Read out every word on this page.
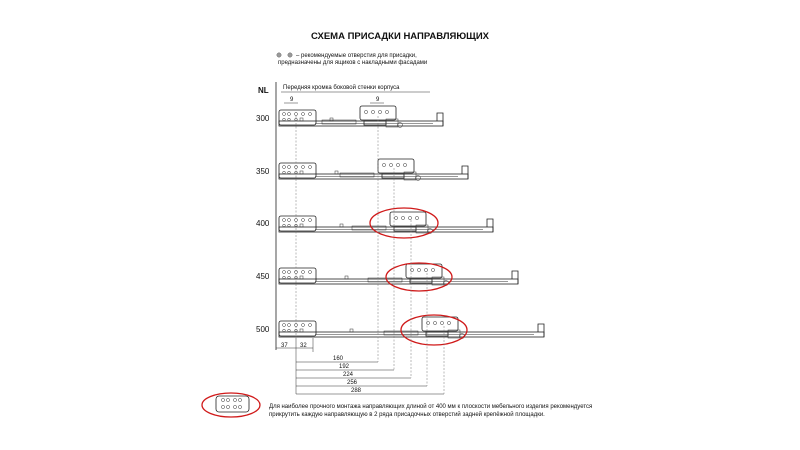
СХЕМА ПРИСАДКИ НАПРАВЛЯЮЩИХ
– рекомендуемые отверстия для присадки,
предназначены для ящиков с накладными фасадами
NL Передняя кромка боковой стенки корпуса
9	9
300
350
400
450
500
37 32
160
192
224
256
288
Для наиболее прочного монтажа направляющих длиной от 400 мм к плоскости мебельного изделия рекомендуется
прикрутить каждую направляющую в 2 ряда присадочных отверстий задней крепёжной площадки.
